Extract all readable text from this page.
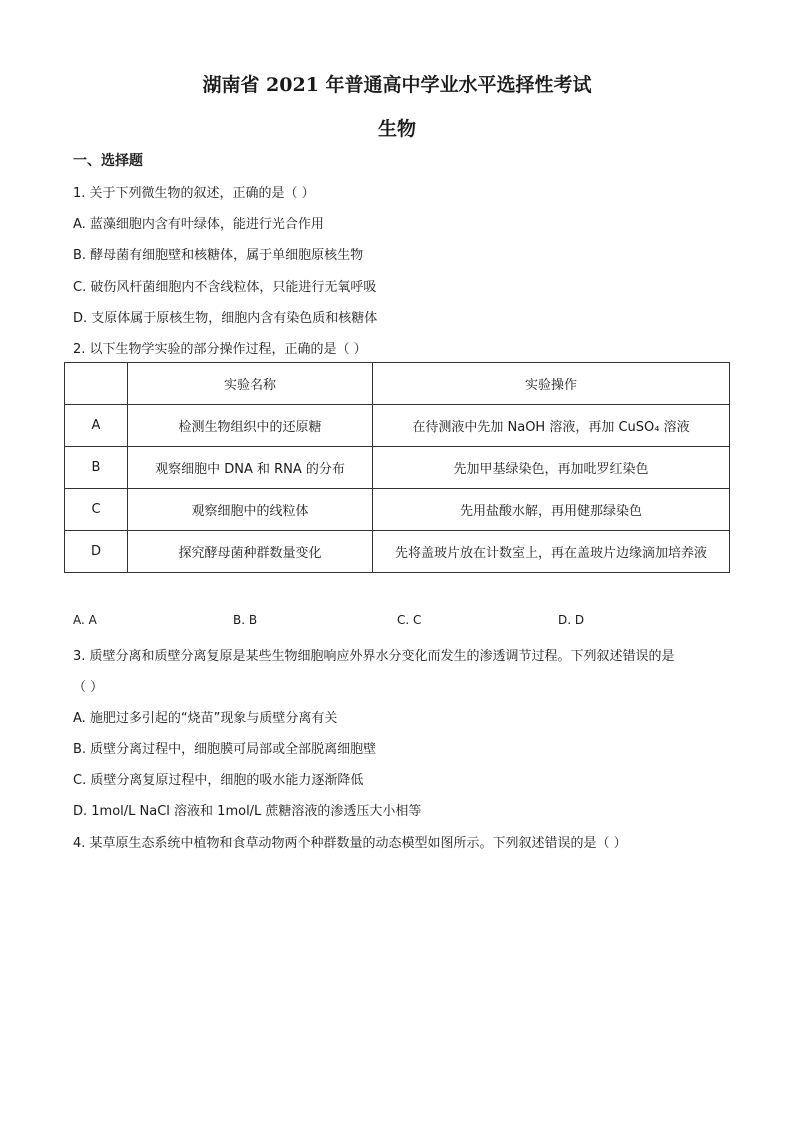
湖南省 2021 年普通高中学业水平选择性考试
生物
一、选择题
1. 关于下列微生物的叙述，正确的是（ ）
A. 蓝藻细胞内含有叶绿体，能进行光合作用
B. 酵母菌有细胞壁和核糖体，属于单细胞原核生物
C. 破伤风杆菌细胞内不含线粒体，只能进行无氧呼吸
D. 支原体属于原核生物，细胞内含有染色质和核糖体
2. 以下生物学实验的部分操作过程，正确的是（ ）
	实验名称	实验操作
A	检测生物组织中的还原糖	在待测液中先加 NaOH 溶液，再加 CuSO₄ 溶液
B	观察细胞中 DNA 和 RNA 的分布	先加甲基绿染色，再加吡罗红染色
C	观察细胞中的线粒体	先用盐酸水解，再用健那绿染色
D	探究酵母菌种群数量变化	先将盖玻片放在计数室上，再在盖玻片边缘滴加培养液
A. A	B. B	C. C	D. D
3. 质壁分离和质壁分离复原是某些生物细胞响应外界水分变化而发生的渗透调节过程。下列叙述错误的是
（ ）
A. 施肥过多引起的“烧苗”现象与质壁分离有关
B. 质壁分离过程中，细胞膜可局部或全部脱离细胞壁
C. 质壁分离复原过程中，细胞的吸水能力逐渐降低
D. 1mol/L NaCl 溶液和 1mol/L 蔗糖溶液的渗透压大小相等
4. 某草原生态系统中植物和食草动物两个种群数量的动态模型如图所示。下列叙述错误的是（ ）
